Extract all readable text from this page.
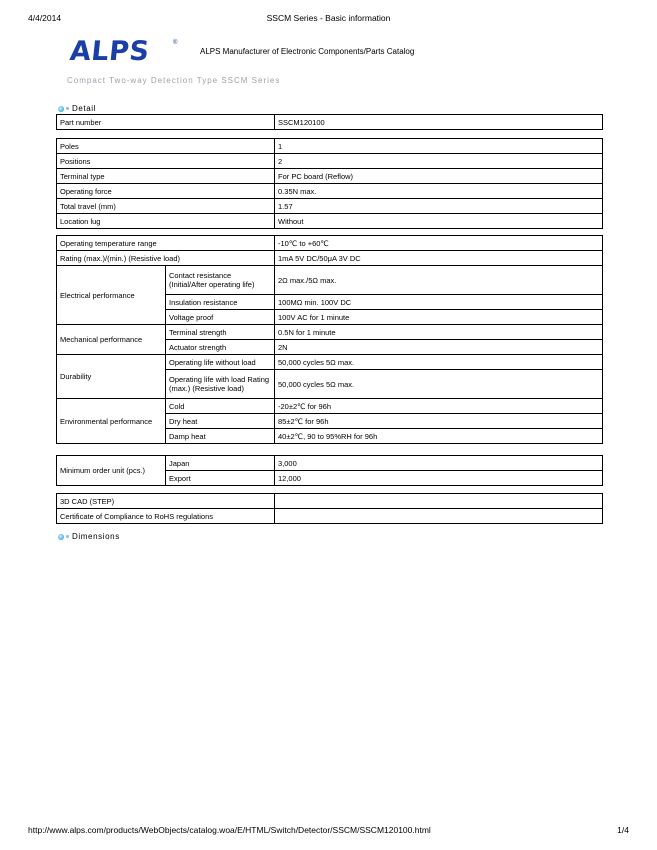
4/4/2014	SSCM Series - Basic information
ALPS	®
ALPS Manufacturer of Electronic Components/Parts Catalog
Compact Two-way Detection Type SSCM Series
Detail
Part number	SSCM120100
Poles	1
Positions	2
Terminal type	For PC board (Reflow)
Operating force	0.35N max.
Total travel (mm)	1.57
Location lug	Without
Operating temperature range		-10℃ to +60℃
Rating (max.)/(min.) (Resistive load)		1mA 5V DC/50μA 3V DC
Electrical performance	Contact resistance (Initial/After operating life)	2Ω max./5Ω max.
	Insulation resistance	100MΩ min. 100V DC
	Voltage proof	100V AC for 1 minute
Mechanical performance	Terminal strength	0.5N for 1 minute
	Actuator strength	2N
Durability	Operating life without load	50,000 cycles 5Ω max.
	Operating life with load Rating (max.) (Resistive load)	50,000 cycles 5Ω max.
Environmental performance	Cold	-20±2℃ for 96h
	Dry heat	85±2℃ for 96h
	Damp heat	40±2℃, 90 to 95%RH for 96h
Minimum order unit (pcs.)	Japan	3,000
	Export	12,000
3D CAD (STEP)	
Certificate of Compliance to RoHS regulations	
Dimensions
http://www.alps.com/products/WebObjects/catalog.woa/E/HTML/Switch/Detector/SSCM/SSCM120100.html	1/4
